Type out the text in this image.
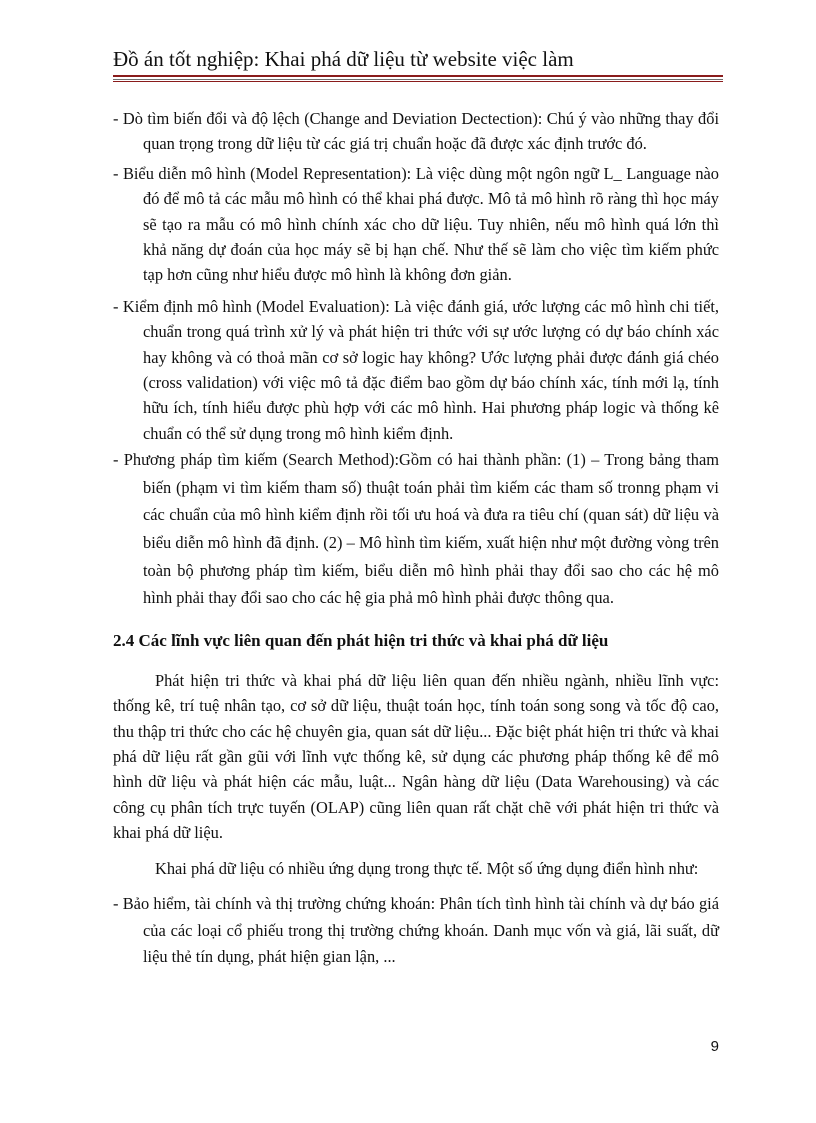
Đồ án tốt nghiệp: Khai phá dữ liệu từ website việc làm

- Dò tìm biến đổi và độ lệch (Change and Deviation Dectection): Chú ý vào những thay đổi quan trọng trong dữ liệu từ các giá trị chuẩn hoặc đã được xác định trước đó.

- Biểu diễn mô hình (Model Representation): Là việc dùng một ngôn ngữ L_ Language nào đó để mô tả các mẫu mô hình có thể khai phá được. Mô tả mô hình rõ ràng thì học máy sẽ tạo ra mẫu có mô hình chính xác cho dữ liệu. Tuy nhiên, nếu mô hình quá lớn thì khả năng dự đoán của học máy sẽ bị hạn chế. Như thế sẽ làm cho việc tìm kiếm phức tạp hơn cũng như hiểu được mô hình là không đơn giản.

- Kiểm định mô hình (Model Evaluation): Là việc đánh giá, ước lượng các mô hình chi tiết, chuẩn trong quá trình xử lý và phát hiện tri thức với sự ước lượng có dự báo chính xác hay không và có thoả mãn cơ sở logic hay không? Ước lượng phải được đánh giá chéo (cross validation) với việc mô tả đặc điểm bao gồm dự báo chính xác, tính mới lạ, tính hữu ích, tính hiểu được phù hợp với các mô hình. Hai phương pháp logic và thống kê chuẩn có thể sử dụng trong mô hình kiểm định.

- Phương pháp tìm kiếm (Search Method):Gồm có hai thành phần: (1) – Trong bảng tham biến (phạm vi tìm kiếm tham số) thuật toán phải tìm kiếm các tham số tronng phạm vi các chuẩn của mô hình kiểm định rồi tối ưu hoá và đưa ra tiêu chí (quan sát) dữ liệu và biểu diễn mô hình đã định. (2) – Mô hình tìm kiếm, xuất hiện như một đường vòng trên toàn bộ phương pháp tìm kiếm, biểu diễn mô hình phải thay đổi sao cho các hệ mô hình phải thay đổi sao cho các hệ gia phả mô hình phải được thông qua.

2.4 Các lĩnh vực liên quan đến phát hiện tri thức và khai phá dữ liệu

Phát hiện tri thức và khai phá dữ liệu liên quan đến nhiều ngành, nhiều lĩnh vực: thống kê, trí tuệ nhân tạo, cơ sở dữ liệu, thuật toán học, tính toán song song và tốc độ cao, thu thập tri thức cho các hệ chuyên gia, quan sát dữ liệu... Đặc biệt phát hiện tri thức và khai phá dữ liệu rất gần gũi với lĩnh vực thống kê, sử dụng các phương pháp thống kê để mô hình dữ liệu và phát hiện các mẫu, luật... Ngân hàng dữ liệu (Data Warehousing) và các công cụ phân tích trực tuyến (OLAP) cũng liên quan rất chặt chẽ với phát hiện tri thức và khai phá dữ liệu.

Khai phá dữ liệu có nhiều ứng dụng trong thực tế. Một số ứng dụng điển hình như:

- Bảo hiểm, tài chính và thị trường chứng khoán: Phân tích tình hình tài chính và dự báo giá của các loại cổ phiếu trong thị trường chứng khoán. Danh mục vốn và giá, lãi suất, dữ liệu thẻ tín dụng, phát hiện gian lận, ...

9
